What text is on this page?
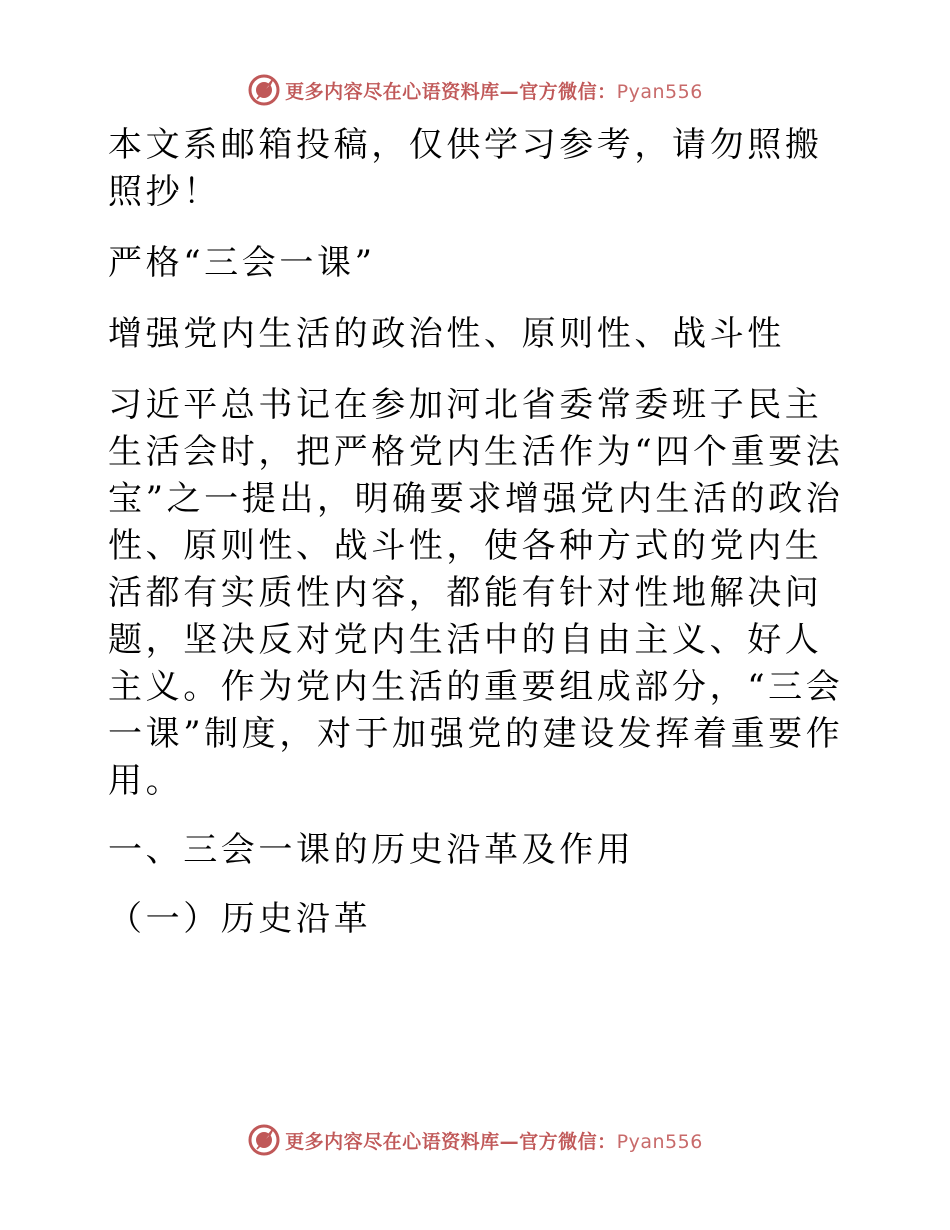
更多内容尽在心语资料库—官方微信：Pyan556

本文系邮箱投稿，仅供学习参考，请勿照搬照抄！

严格“三会一课”

增强党内生活的政治性、原则性、战斗性

习近平总书记在参加河北省委常委班子民主生活会时，把严格党内生活作为“四个重要法宝”之一提出，明确要求增强党内生活的政治性、原则性、战斗性，使各种方式的党内生活都有实质性内容，都能有针对性地解决问题，坚决反对党内生活中的自由主义、好人主义。作为党内生活的重要组成部分，“三会一课”制度，对于加强党的建设发挥着重要作用。

一、三会一课的历史沿革及作用

（一）历史沿革

更多内容尽在心语资料库—官方微信：Pyan556
